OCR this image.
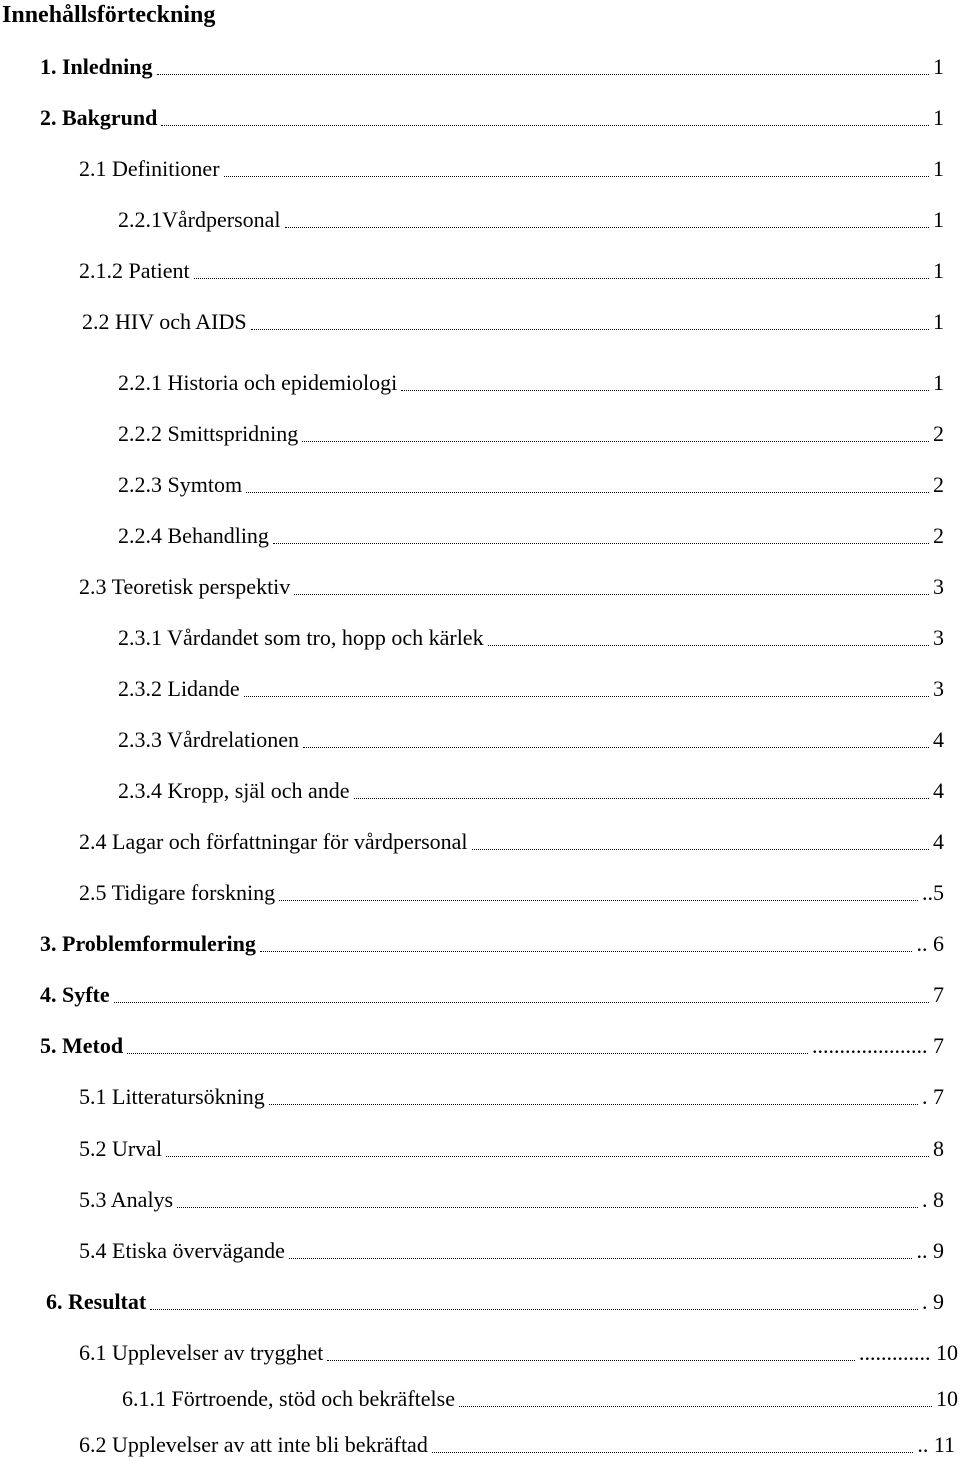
Innehållsförteckning
1. Inledning	1
2. Bakgrund	1
2.1 Definitioner	1
2.2.1Vårdpersonal	1
2.1.2 Patient	1
2.2 HIV och AIDS	1
2.2.1 Historia och epidemiologi	1
2.2.2 Smittspridning	2
2.2.3 Symtom	2
2.2.4 Behandling	2
2.3 Teoretisk perspektiv	3
2.3.1 Vårdandet som tro, hopp och kärlek	3
2.3.2 Lidande	3
2.3.3 Vårdrelationen	4
2.3.4 Kropp, själ och ande	4
2.4 Lagar och författningar för vårdpersonal	4
2.5 Tidigare forskning	..5
3. Problemformulering	.. 6
4. Syfte	7
5. Metod	..................... 7
5.1 Litteratursökning	. 7
5.2 Urval	8
5.3 Analys	. 8
5.4 Etiska övervägande	.. 9
6. Resultat	. 9
6.1 Upplevelser av trygghet	............. 10
6.1.1 Förtroende, stöd och bekräftelse	10
6.2 Upplevelser av att inte bli bekräftad	.. 11
